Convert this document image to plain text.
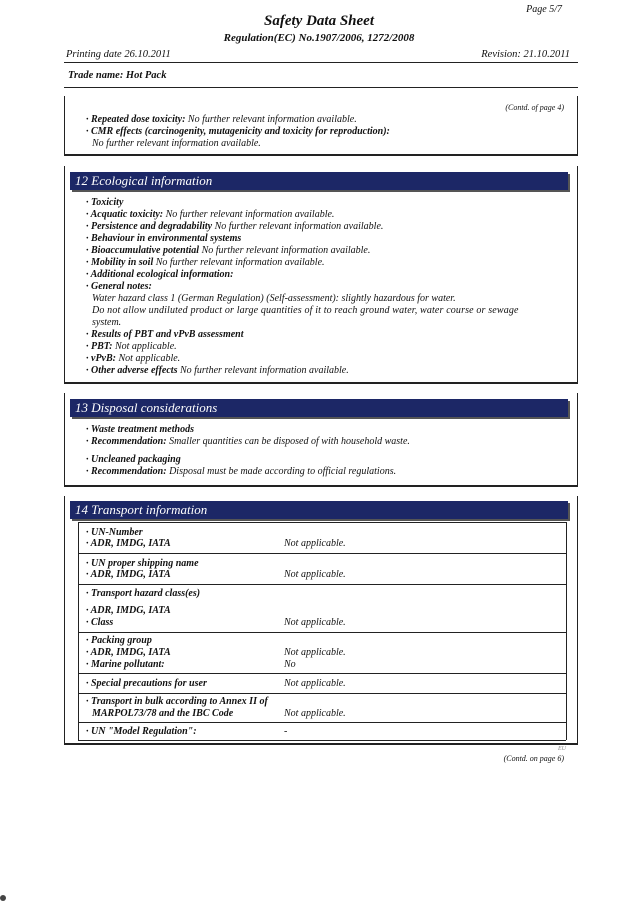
Page 5/7
Safety Data Sheet
Regulation(EC) No.1907/2006, 1272/2008
Printing date 26.10.2011	Revision: 21.10.2011
Trade name: Hot Pack
(Contd. of page 4)
· Repeated dose toxicity: No further relevant information available.
· CMR effects (carcinogenity, mutagenicity and toxicity for reproduction):
No further relevant information available.
12 Ecological information
· Toxicity
· Acquatic toxicity: No further relevant information available.
· Persistence and degradability No further relevant information available.
· Behaviour in environmental systems
· Bioaccumulative potential No further relevant information available.
· Mobility in soil No further relevant information available.
· Additional ecological information:
· General notes:
Water hazard class 1 (German Regulation) (Self-assessment): slightly hazardous for water.
Do not allow undiluted product or large quantities of it to reach ground water, water course or sewage
system.
· Results of PBT and vPvB assessment
· PBT: Not applicable.
· vPvB: Not applicable.
· Other adverse effects No further relevant information available.
13 Disposal considerations
· Waste treatment methods
· Recommendation: Smaller quantities can be disposed of with household waste.
· Uncleaned packaging
· Recommendation: Disposal must be made according to official regulations.
14 Transport information
· UN-Number
· ADR, IMDG, IATA	Not applicable.
· UN proper shipping name
· ADR, IMDG, IATA	Not applicable.
· Transport hazard class(es)
· ADR, IMDG, IATA
· Class	Not applicable.
· Packing group
· ADR, IMDG, IATA	Not applicable.
· Marine pollutant:	No
· Special precautions for user	Not applicable.
· Transport in bulk according to Annex II of
MARPOL73/78 and the IBC Code	Not applicable.
· UN "Model Regulation":	-
EU
(Contd. on page 6)
